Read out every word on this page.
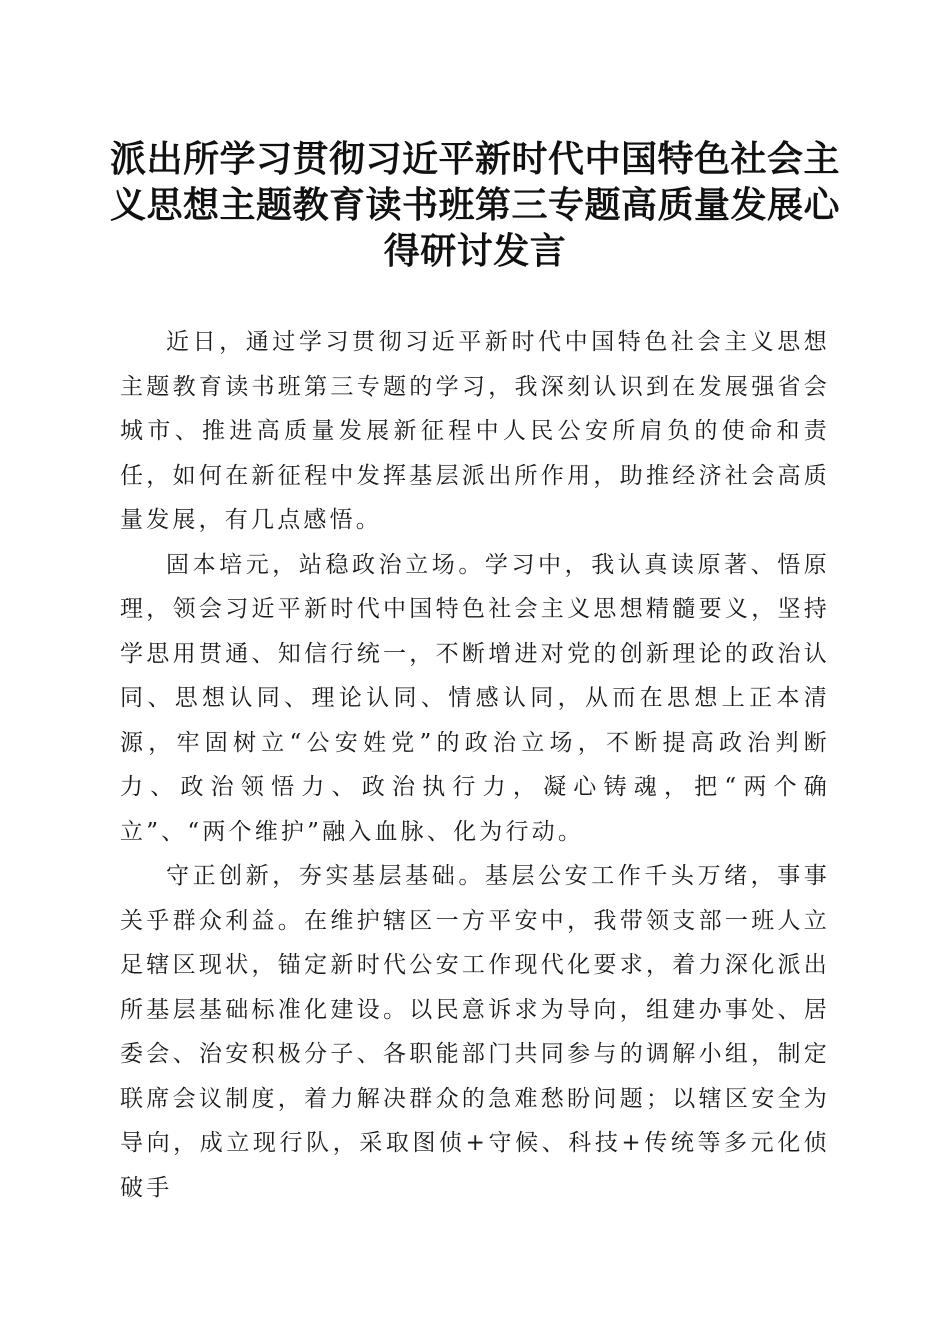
派出所学习贯彻习近平新时代中国特色社会主义思想主题教育读书班第三专题高质量发展心得研讨发言

近日，通过学习贯彻习近平新时代中国特色社会主义思想主题教育读书班第三专题的学习，我深刻认识到在发展强省会城市、推进高质量发展新征程中人民公安所肩负的使命和责任，如何在新征程中发挥基层派出所作用，助推经济社会高质量发展，有几点感悟。

固本培元，站稳政治立场。学习中，我认真读原著、悟原理，领会习近平新时代中国特色社会主义思想精髓要义，坚持学思用贯通、知信行统一，不断增进对党的创新理论的政治认同、思想认同、理论认同、情感认同，从而在思想上正本清源，牢固树立“公安姓党”的政治立场，不断提高政治判断力、政治领悟力、政治执行力，凝心铸魂，把“两个确立”、“两个维护”融入血脉、化为行动。

守正创新，夯实基层基础。基层公安工作千头万绪，事事关乎群众利益。在维护辖区一方平安中，我带领支部一班人立足辖区现状，锚定新时代公安工作现代化要求，着力深化派出所基层基础标准化建设。以民意诉求为导向，组建办事处、居委会、治安积极分子、各职能部门共同参与的调解小组，制定联席会议制度，着力解决群众的急难愁盼问题；以辖区安全为导向，成立现行队，采取图侦+守候、科技+传统等多元化侦破手
